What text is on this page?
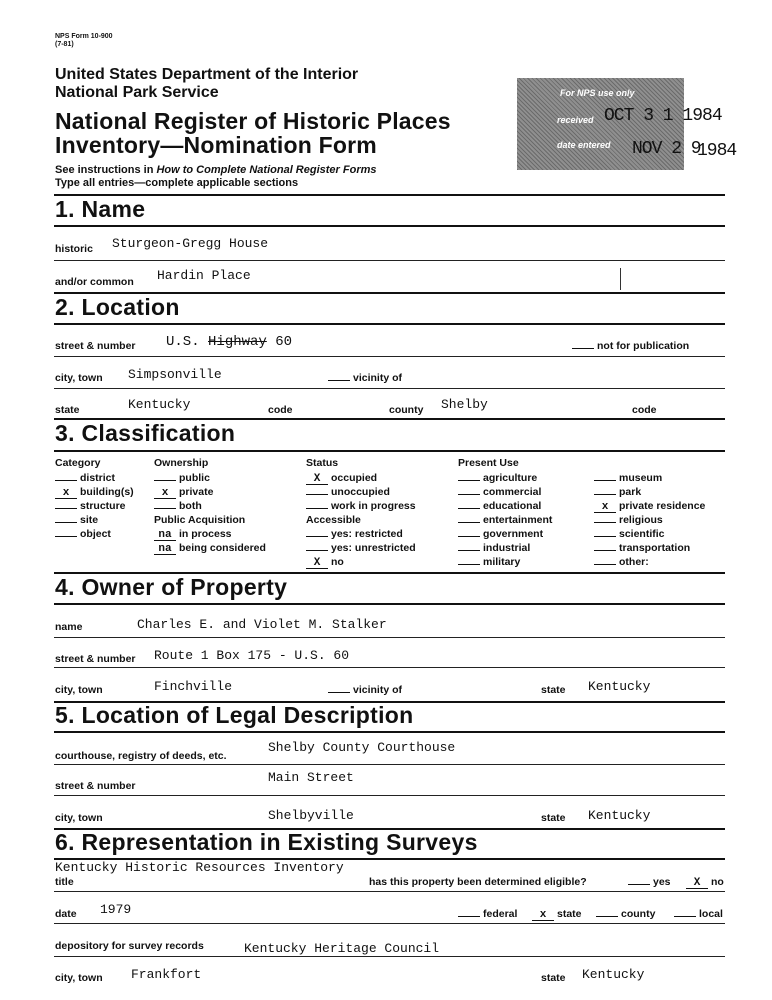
NPS Form 10-900
(7-81)
United States Department of the Interior
National Park Service
National Register of Historic Places
Inventory—Nomination Form
See instructions in How to Complete National Register Forms
Type all entries—complete applicable sections
For NPS use only
received OCT 3 1 1984
date entered NOV 2 9
1984
1. Name
historic Sturgeon-Gregg House
and/or common Hardin Place
2. Location
street & number U.S. Highway 60	not for publication
city, town Simpsonville	vicinity of
state	Kentucky	code	county Shelby	code
3. Classification
Category
district
x building(s)
structure
site
object
Ownership
public
x private
both
Public Acquisition
na in process
na being considered
Status
X occupied
unoccupied
work in progress
Accessible
yes: restricted
yes: unrestricted
X no
Present Use
agriculture
commercial
educational
entertainment
government
industrial
military
museum
park
x private residence
religious
scientific
transportation
other:
4. Owner of Property
name	Charles E. and Violet M. Stalker
street & number Route 1 Box 175 - U.S. 60
city, town	Finchville	vicinity of	state Kentucky
5. Location of Legal Description
courthouse, registry of deeds, etc.
Shelby County Courthouse
street & number
Main Street
city, town	Shelbyville	state Kentucky
6. Representation in Existing Surveys
Kentucky Historic Resources Inventory
title	has this property been determined eligible?	yes	X no
date 1979	federal	x state	county	local
depository for survey records	Kentucky Heritage Council
city, town Frankfort	state Kentucky
